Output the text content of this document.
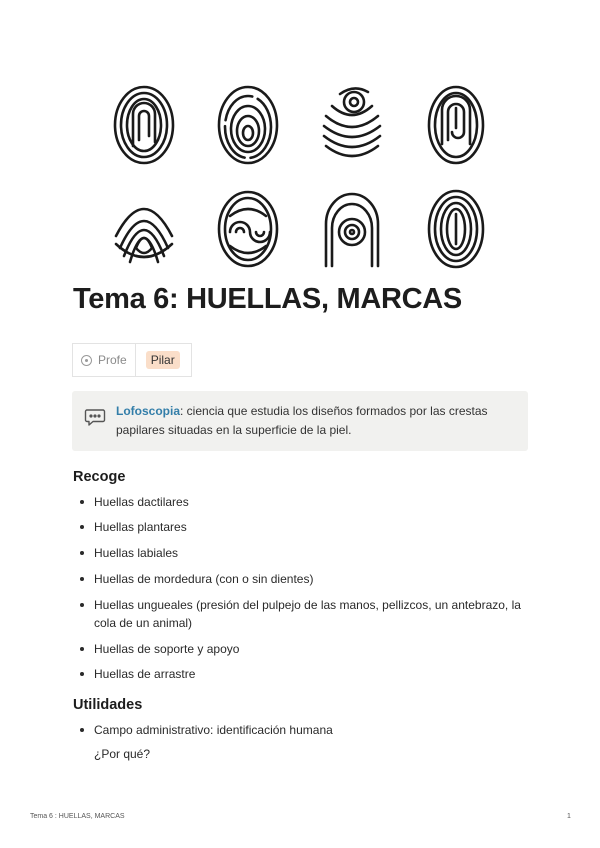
Tema 6: HUELLAS, MARCAS
Profe	Pilar
Lofoscopia: ciencia que estudia los diseños formados por las crestas papilares situadas en la superficie de la piel.
Recoge
Huellas dactilares
Huellas plantares
Huellas labiales
Huellas de mordedura (con o sin dientes)
Huellas ungueales (presión del pulpejo de las manos, pellizcos, un antebrazo, la cola de un animal)
Huellas de soporte y apoyo
Huellas de arrastre
Utilidades
Campo administrativo: identificación humana
¿Por qué?
Tema 6 : HUELLAS, MARCAS	1
